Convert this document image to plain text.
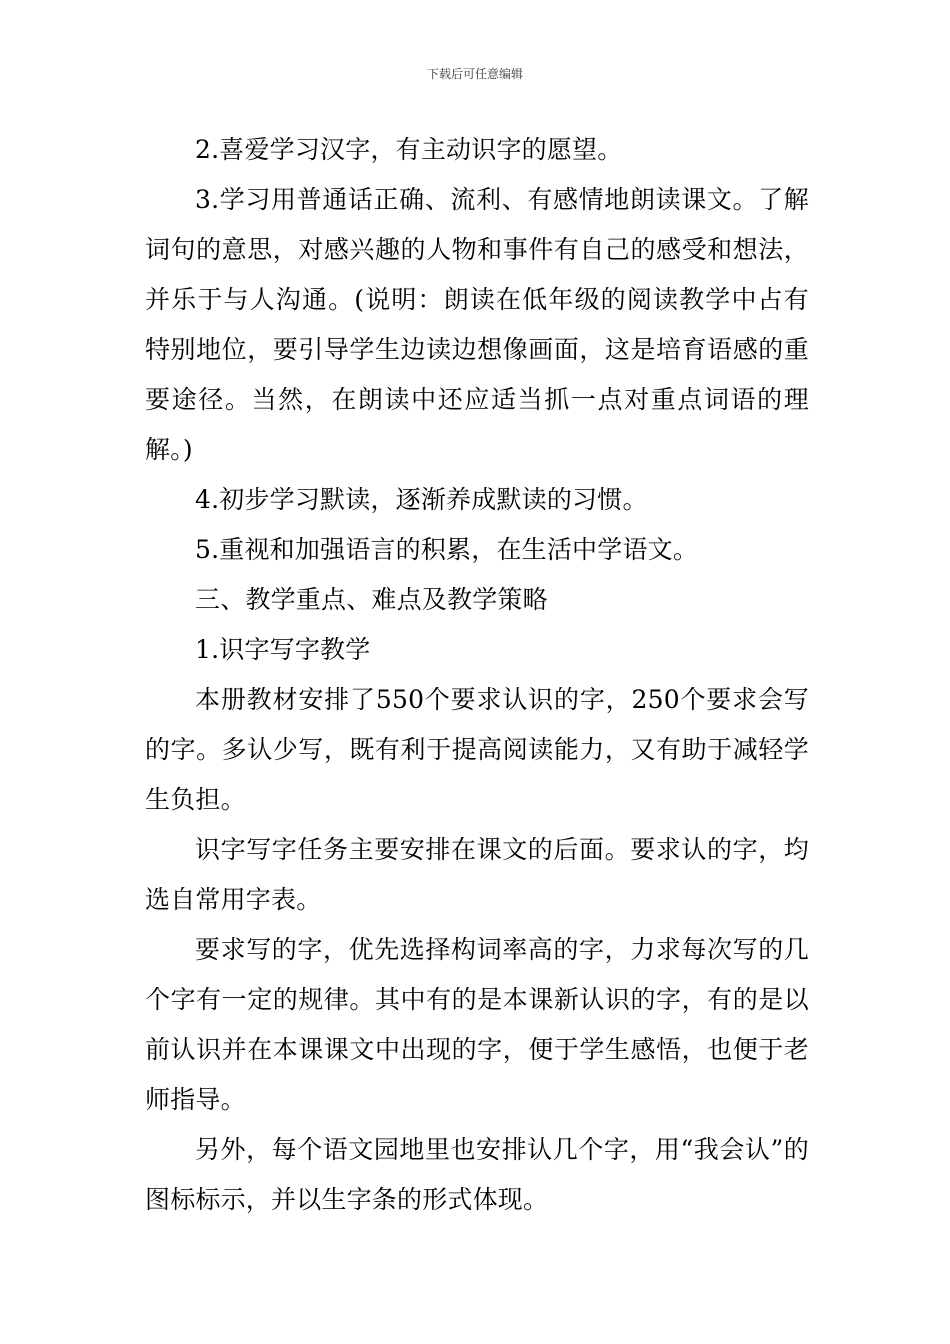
下载后可任意编辑

2.喜爱学习汉字，有主动识字的愿望。

3.学习用普通话正确、流利、有感情地朗读课文。了解词句的意思，对感兴趣的人物和事件有自己的感受和想法，并乐于与人沟通。(说明：朗读在低年级的阅读教学中占有特别地位，要引导学生边读边想像画面，这是培育语感的重要途径。当然，在朗读中还应适当抓一点对重点词语的理解。)

4.初步学习默读，逐渐养成默读的习惯。

5.重视和加强语言的积累，在生活中学语文。

三、教学重点、难点及教学策略

1.识字写字教学

本册教材安排了550个要求认识的字，250个要求会写的字。多认少写，既有利于提高阅读能力，又有助于减轻学生负担。

识字写字任务主要安排在课文的后面。要求认的字，均选自常用字表。

要求写的字，优先选择构词率高的字，力求每次写的几个字有一定的规律。其中有的是本课新认识的字，有的是以前认识并在本课课文中出现的字，便于学生感悟，也便于老师指导。

另外，每个语文园地里也安排认几个字，用“我会认”的图标标示，并以生字条的形式体现。
